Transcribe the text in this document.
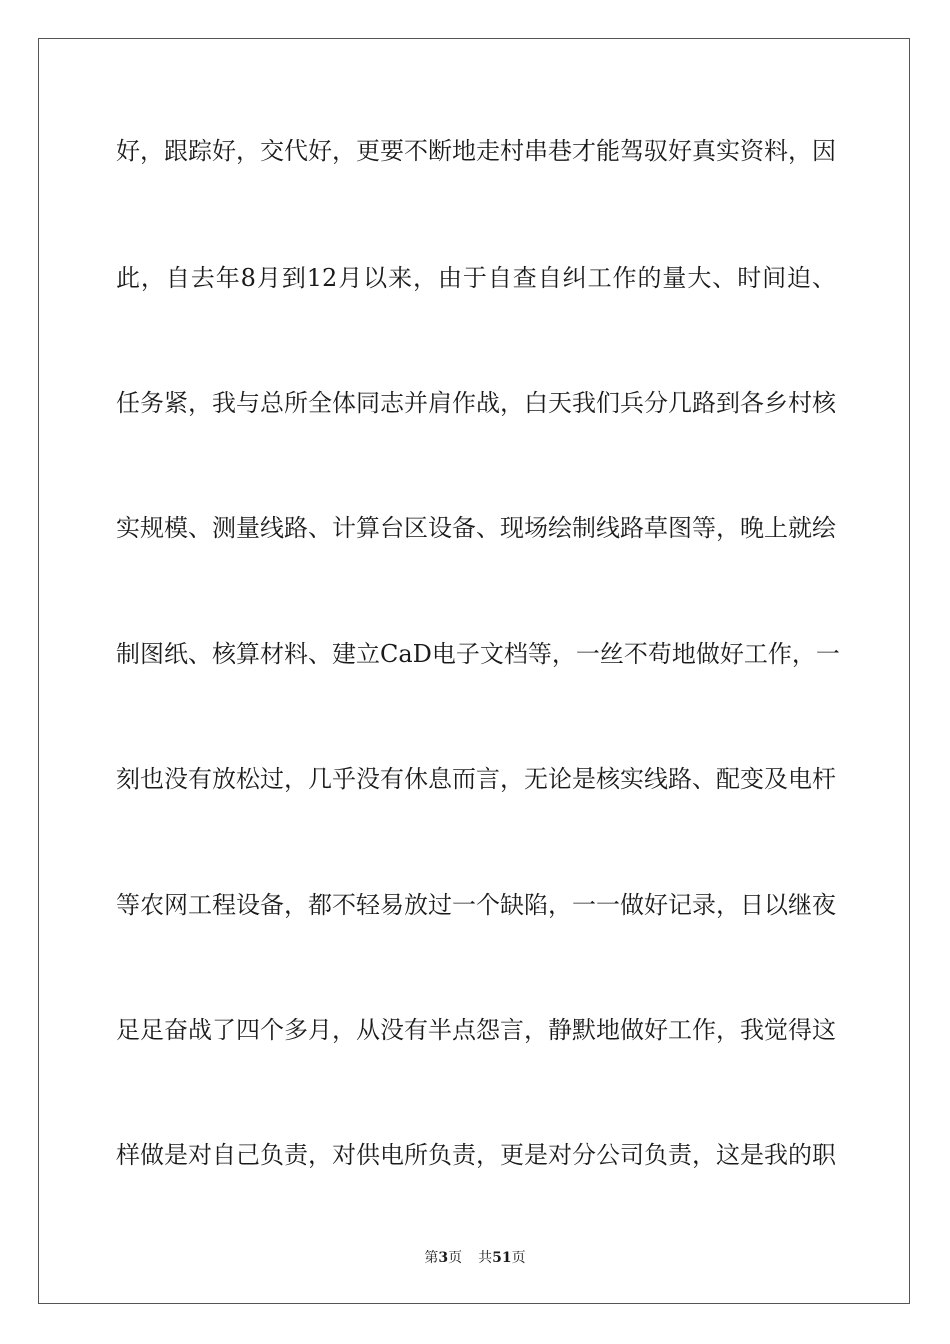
好，跟踪好，交代好，更要不断地走村串巷才能驾驭好真实资料，因
此，自去年8月到12月以来，由于自查自纠工作的量大、时间迫、
任务紧，我与总所全体同志并肩作战，白天我们兵分几路到各乡村核
实规模、测量线路、计算台区设备、现场绘制线路草图等，晚上就绘
制图纸、核算材料、建立CaD电子文档等，一丝不苟地做好工作，一
刻也没有放松过，几乎没有休息而言，无论是核实线路、配变及电杆
等农网工程设备，都不轻易放过一个缺陷，一一做好记录，日以继夜
足足奋战了四个多月，从没有半点怨言，静默地做好工作，我觉得这
样做是对自己负责，对供电所负责，更是对分公司负责，这是我的职
第3页 共51页
